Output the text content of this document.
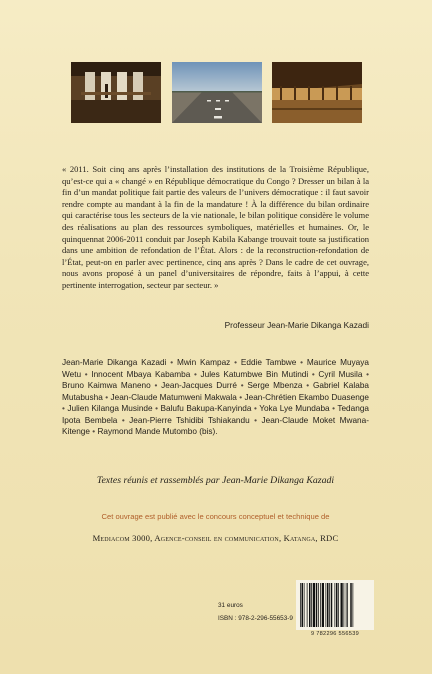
« 2011. Soit cinq ans après l’installation des institutions de la Troisième République, qu’est-ce qui a « changé » en République démocratique du Congo ? Dresser un bilan à la fin d’un mandat politique fait partie des valeurs de l’univers démocratique : il faut savoir rendre compte au mandant à la fin de la mandature ! À la différence du bilan ordinaire qui caractérise tous les secteurs de la vie nationale, le bilan politique considère le volume des réalisations au plan des ressources symboliques, matérielles et humaines. Or, le quinquennat 2006-2011 conduit par Joseph Kabila Kabange trouvait toute sa justification dans une ambition de refondation de l’État. Alors : de la reconstruction-refondation de l’État, peut-on en parler avec pertinence, cinq ans après ? Dans le cadre de cet ouvrage, nous avons proposé à un panel d’universitaires de répondre, faits à l’appui, à cette pertinente interrogation, secteur par secteur. »

Professeur Jean-Marie Dikanga Kazadi
Jean-Marie Dikanga Kazadi • Mwin Kampaz • Eddie Tambwe • Maurice Muyaya Wetu • Innocent Mbaya Kabamba • Jules Katumbwe Bin Mutindi • Cyril Musila • Bruno Kaimwa Maneno • Jean-Jacques Durré • Serge Mbenza • Gabriel Kalaba Mutabusha • Jean-Claude Matumweni Makwala • Jean-Chrétien Ekambo Duasenge • Julien Kilanga Musinde • Balufu Bakupa-Kanyinda • Yoka Lye Mundaba • Tedanga Ipota Bembela • Jean-Pierre Tshidibi Tshiakandu • Jean-Claude Moket Mwana-Kitenge • Raymond Mande Mutombo (bis).
Textes réunis et rassemblés par Jean-Marie Dikanga Kazadi
Cet ouvrage est publié avec le concours conceptuel et technique de
Mediacom 3000, Agence-conseil en communication, Katanga, RDC
31 euros
ISBN : 978-2-296-55653-9
9 782296 556539
